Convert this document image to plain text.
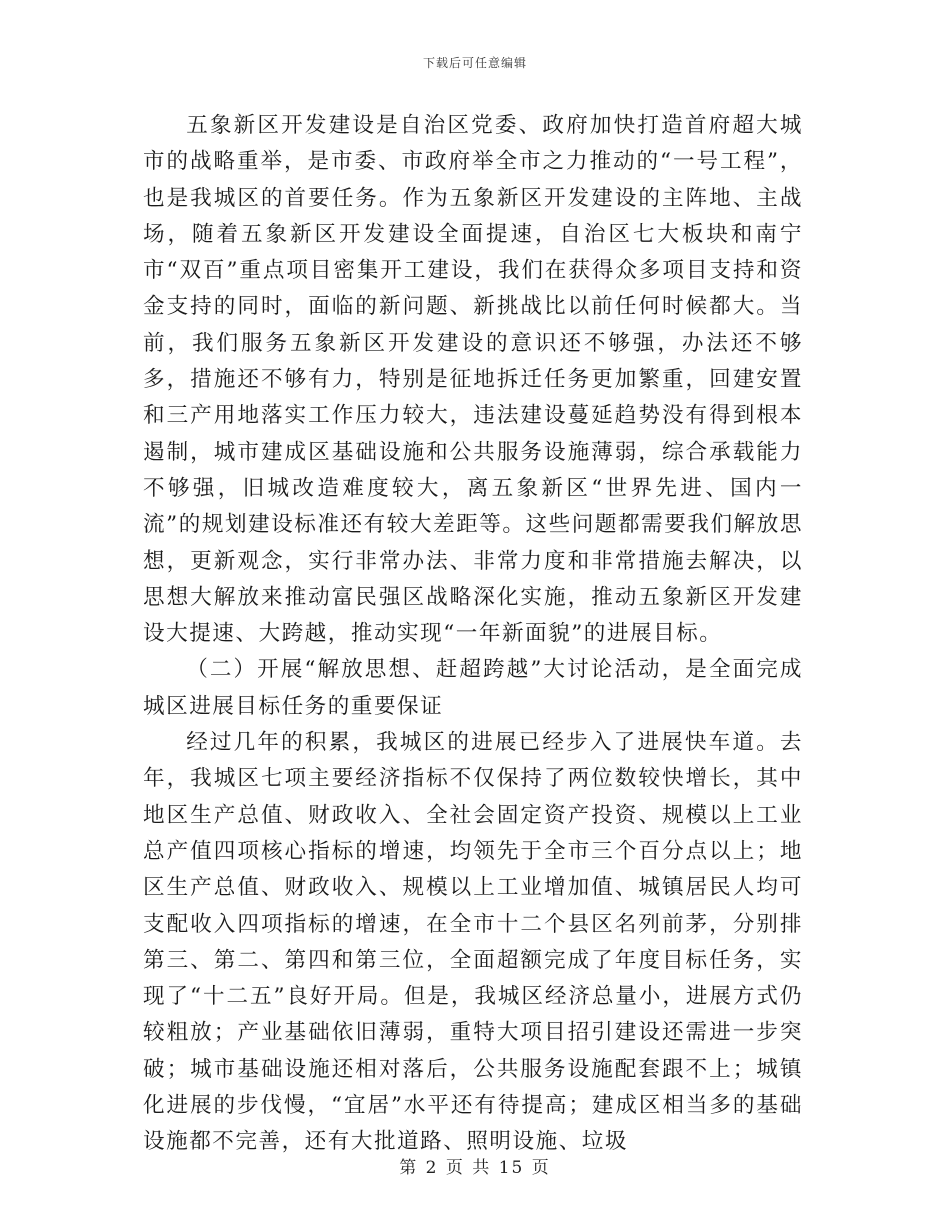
下载后可任意编辑

五象新区开发建设是自治区党委、政府加快打造首府超大城市的战略重举，是市委、市政府举全市之力推动的“一号工程”，也是我城区的首要任务。作为五象新区开发建设的主阵地、主战场，随着五象新区开发建设全面提速，自治区七大板块和南宁市“双百”重点项目密集开工建设，我们在获得众多项目支持和资金支持的同时，面临的新问题、新挑战比以前任何时候都大。当前，我们服务五象新区开发建设的意识还不够强，办法还不够多，措施还不够有力，特别是征地拆迁任务更加繁重，回建安置和三产用地落实工作压力较大，违法建设蔓延趋势没有得到根本遏制，城市建成区基础设施和公共服务设施薄弱，综合承载能力不够强，旧城改造难度较大，离五象新区“世界先进、国内一流”的规划建设标准还有较大差距等。这些问题都需要我们解放思想，更新观念，实行非常办法、非常力度和非常措施去解决，以思想大解放来推动富民强区战略深化实施，推动五象新区开发建设大提速、大跨越，推动实现“一年新面貌”的进展目标。

（二）开展“解放思想、赶超跨越”大讨论活动，是全面完成城区进展目标任务的重要保证

经过几年的积累，我城区的进展已经步入了进展快车道。去年，我城区七项主要经济指标不仅保持了两位数较快增长，其中地区生产总值、财政收入、全社会固定资产投资、规模以上工业总产值四项核心指标的增速，均领先于全市三个百分点以上；地区生产总值、财政收入、规模以上工业增加值、城镇居民人均可支配收入四项指标的增速，在全市十二个县区名列前茅，分别排第三、第二、第四和第三位，全面超额完成了年度目标任务，实现了“十二五”良好开局。但是，我城区经济总量小，进展方式仍较粗放；产业基础依旧薄弱，重特大项目招引建设还需进一步突破；城市基础设施还相对落后，公共服务设施配套跟不上；城镇化进展的步伐慢，“宜居”水平还有待提高；建成区相当多的基础设施都不完善，还有大批道路、照明设施、垃圾

第 2 页 共 15 页
